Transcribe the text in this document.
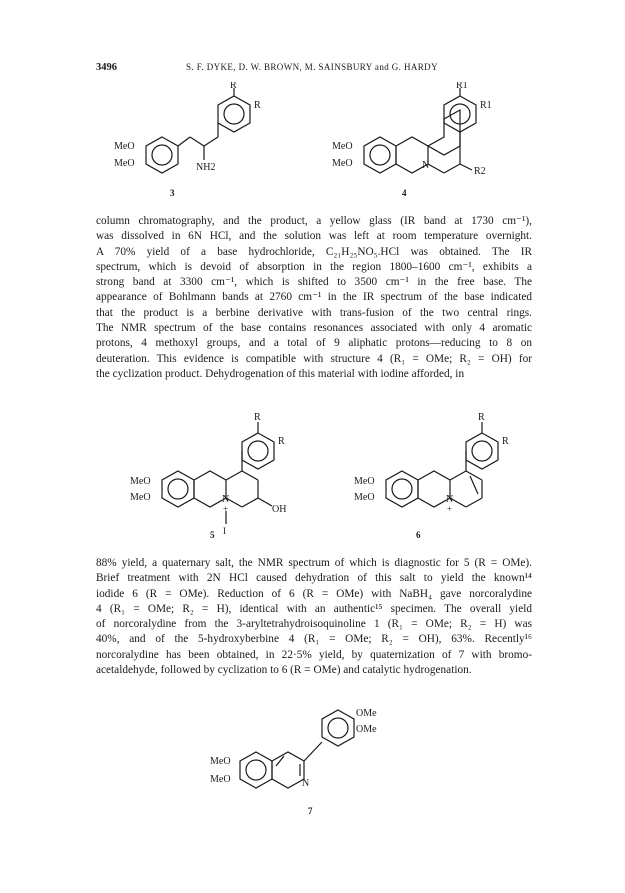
3496	S. F. DYKE, D. W. BROWN, M. SAINSBURY and G. HARDY
R
R
MeO
MeO	NH2
3
R1
R1
MeO
MeO	N
R2
4
column chromatography, and the product, a yellow glass (IR band at 1730 cm⁻¹),
was dissolved in 6N HCl, and the solution was left at room temperature overnight.
A 70% yield of a base hydrochloride, C₂₁H₂₅NO₅.HCl was obtained. The IR
spectrum, which is devoid of absorption in the region 1800–1600 cm⁻¹, exhibits a
strong band at 3300 cm⁻¹, which is shifted to 3500 cm⁻¹ in the free base. The
appearance of Bohlmann bands at 2760 cm⁻¹ in the IR spectrum of the base indicated
that the product is a berbine derivative with trans-fusion of the two central rings.
The NMR spectrum of the base contains resonances associated with only 4 aromatic
protons, 4 methoxyl groups, and a total of 9 aliphatic protons—reducing to 8 on
deuteration. This evidence is compatible with structure 4 (R₁ = OMe; R₂ = OH) for
the cyclization product. Dehydrogenation of this material with iodine afforded, in
R
R
MeO
MeO	N
+
I
OH
5
R
R
MeO
MeO	N
+
6
88% yield, a quaternary salt, the NMR spectrum of which is diagnostic for 5 (R = OMe).
Brief treatment with 2N HCl caused dehydration of this salt to yield the known¹⁴
iodide 6 (R = OMe). Reduction of 6 (R = OMe) with NaBH₄ gave norcoralydine
4 (R₁ = OMe; R₂ = H), identical with an authentic¹⁵ specimen. The overall yield
of norcoralydine from the 3-aryltetrahydroisoquinoline 1 (R₁ = OMe; R₂ = H) was
40%, and of the 5-hydroxyberbine 4 (R₁ = OMe; R₂ = OH), 63%. Recently¹⁶
norcoralydine has been obtained, in 22·5% yield, by quaternization of 7 with bromo-
acetaldehyde, followed by cyclization to 6 (R = OMe) and catalytic hydrogenation.
OMe
OMe
MeO
MeO	N
7
